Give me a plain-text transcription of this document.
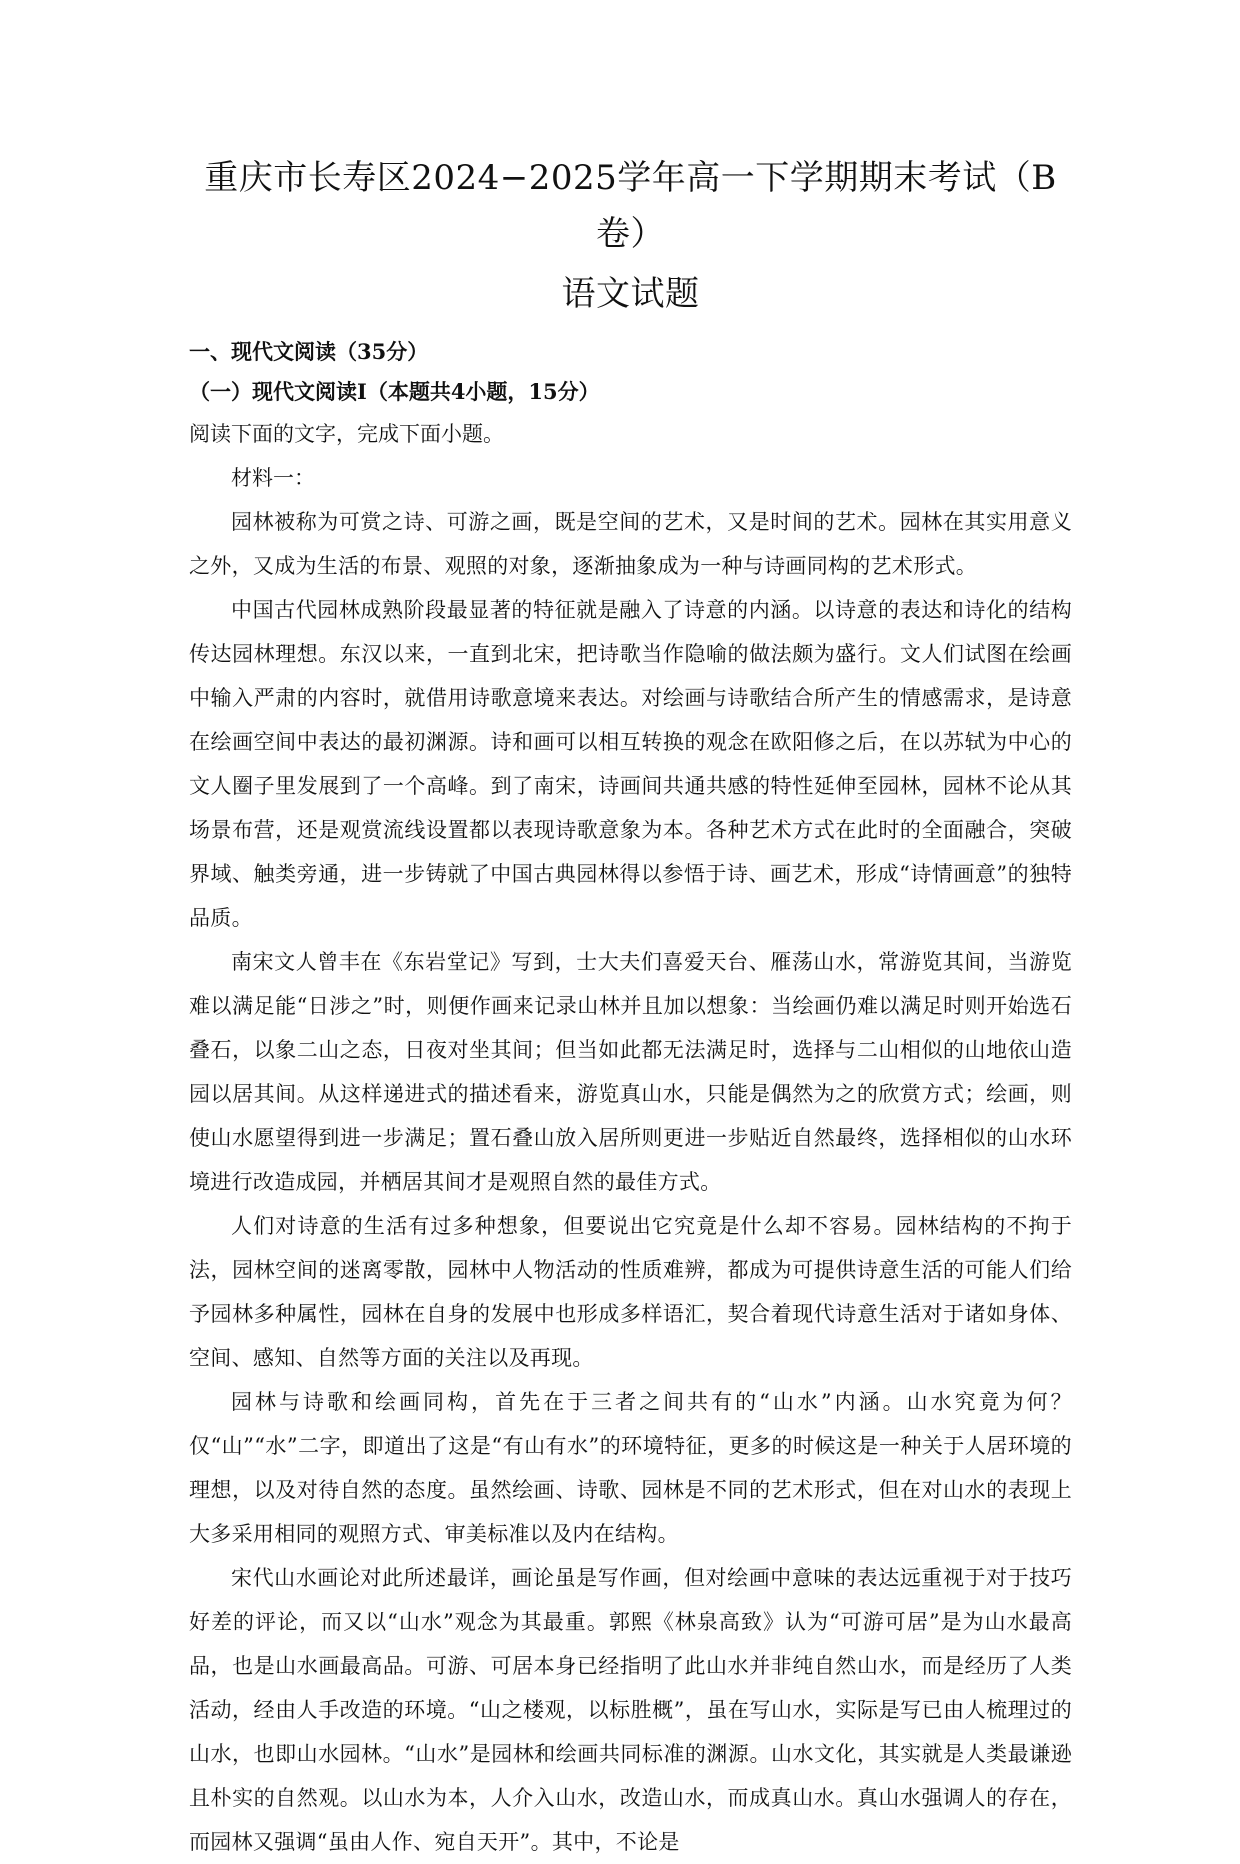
重庆市长寿区2024−2025学年高一下学期期末考试（B卷）
语文试题

一、现代文阅读（35分）

（一）现代文阅读Ⅰ（本题共4小题，15分）

阅读下面的文字，完成下面小题。

材料一：

园林被称为可赏之诗、可游之画，既是空间的艺术，又是时间的艺术。园林在其实用意义之外，又成为生活的布景、观照的对象，逐渐抽象成为一种与诗画同构的艺术形式。

中国古代园林成熟阶段最显著的特征就是融入了诗意的内涵。以诗意的表达和诗化的结构传达园林理想。东汉以来，一直到北宋，把诗歌当作隐喻的做法颇为盛行。文人们试图在绘画中输入严肃的内容时，就借用诗歌意境来表达。对绘画与诗歌结合所产生的情感需求，是诗意在绘画空间中表达的最初渊源。诗和画可以相互转换的观念在欧阳修之后，在以苏轼为中心的文人圈子里发展到了一个高峰。到了南宋，诗画间共通共感的特性延伸至园林，园林不论从其场景布营，还是观赏流线设置都以表现诗歌意象为本。各种艺术方式在此时的全面融合，突破界域、触类旁通，进一步铸就了中国古典园林得以参悟于诗、画艺术，形成“诗情画意”的独特品质。

南宋文人曾丰在《东岩堂记》写到，士大夫们喜爱天台、雁荡山水，常游览其间，当游览难以满足能“日涉之”时，则便作画来记录山林并且加以想象：当绘画仍难以满足时则开始选石叠石，以象二山之态，日夜对坐其间；但当如此都无法满足时，选择与二山相似的山地依山造园以居其间。从这样递进式的描述看来，游览真山水，只能是偶然为之的欣赏方式；绘画，则使山水愿望得到进一步满足；置石叠山放入居所则更进一步贴近自然最终，选择相似的山水环境进行改造成园，并栖居其间才是观照自然的最佳方式。

人们对诗意的生活有过多种想象，但要说出它究竟是什么却不容易。园林结构的不拘于法，园林空间的迷离零散，园林中人物活动的性质难辨，都成为可提供诗意生活的可能人们给予园林多种属性，园林在自身的发展中也形成多样语汇，契合着现代诗意生活对于诸如身体、空间、感知、自然等方面的关注以及再现。

园林与诗歌和绘画同构，首先在于三者之间共有的“山水”内涵。山水究竟为何？仅“山”“水”二字，即道出了这是“有山有水”的环境特征，更多的时候这是一种关于人居环境的理想，以及对待自然的态度。虽然绘画、诗歌、园林是不同的艺术形式，但在对山水的表现上大多采用相同的观照方式、审美标准以及内在结构。

宋代山水画论对此所述最详，画论虽是写作画，但对绘画中意味的表达远重视于对于技巧好差的评论，而又以“山水”观念为其最重。郭熙《林泉高致》认为“可游可居”是为山水最高品，也是山水画最高品。可游、可居本身已经指明了此山水并非纯自然山水，而是经历了人类活动，经由人手改造的环境。“山之楼观，以标胜概”，虽在写山水，实际是写已由人梳理过的山水，也即山水园林。“山水”是园林和绘画共同标准的渊源。山水文化，其实就是人类最谦逊且朴实的自然观。以山水为本，人介入山水，改造山水，而成真山水。真山水强调人的存在，而园林又强调“虽由人作、宛自天开”。其中，不论是
